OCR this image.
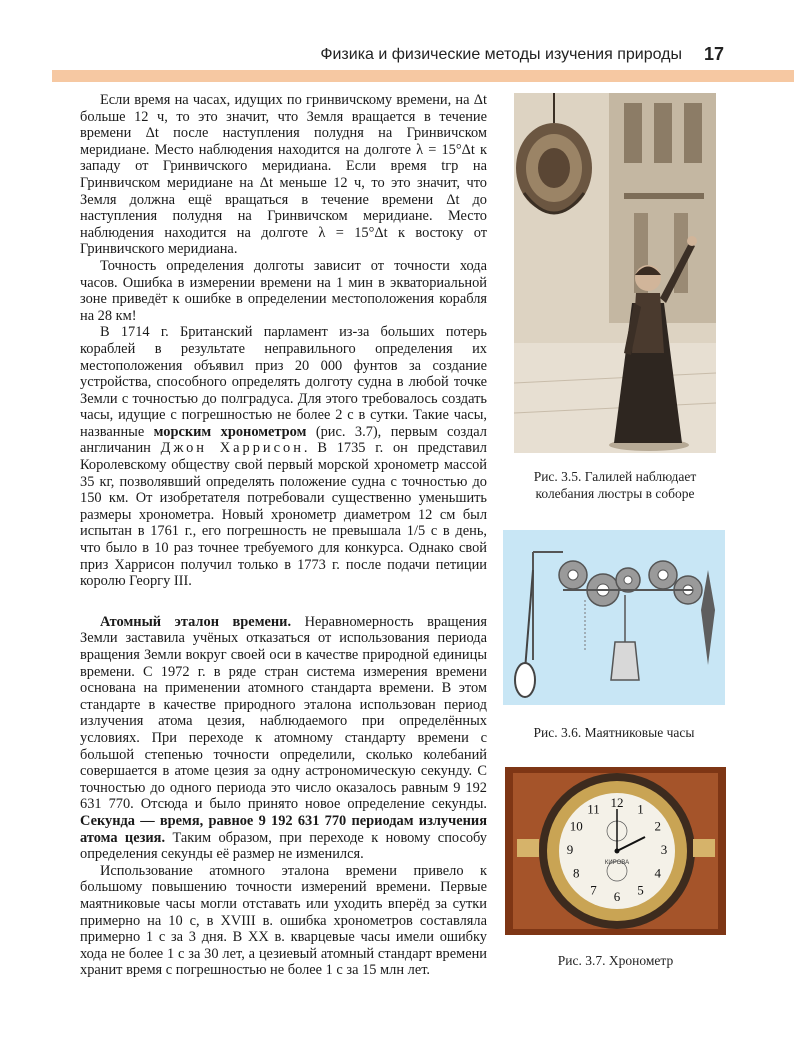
Физика и физические методы изучения природы 17

Если время на часах, идущих по гринвичскому времени, на Δt больше 12 ч, то это значит, что Земля вращается в течение времени Δt после наступления полудня на Гринвичском меридиане. Место наблюдения находится на долготе λ = 15°Δt к западу от Гринвичского меридиана. Если время tгр на Гринвичском меридиане на Δt меньше 12 ч, то это значит, что Земля должна ещё вращаться в течение времени Δt до наступления полудня на Гринвичском меридиане. Место наблюдения находится на долготе λ = 15°Δt к востоку от Гринвичского меридиана.

Точность определения долготы зависит от точности хода часов. Ошибка в измерении времени на 1 мин в экваториальной зоне приведёт к ошибке в определении местоположения корабля на 28 км!

В 1714 г. Британский парламент из-за больших потерь кораблей в результате неправильного определения их местоположения объявил приз 20 000 фунтов за создание устройства, способного определять долготу судна в любой точке Земли с точностью до полградуса. Для этого требовалось создать часы, идущие с погрешностью не более 2 с в сутки. Такие часы, названные морским хронометром (рис. 3.7), первым создал англичанин Джон Харрисон. В 1735 г. он представил Королевскому обществу свой первый морской хронометр массой 35 кг, позволявший определять положение судна с точностью до 150 км. От изобретателя потребовали существенно уменьшить размеры хронометра. Новый хронометр диаметром 12 см был испытан в 1761 г., его погрешность не превышала 1/5 с в день, что было в 10 раз точнее требуемого для конкурса. Однако свой приз Харрисон получил только в 1773 г. после подачи петиции королю Георгу III.

Атомный эталон времени. Неравномерность вращения Земли заставила учёных отказаться от использования периода вращения Земли вокруг своей оси в качестве природной единицы времени. С 1972 г. в ряде стран система измерения времени основана на применении атомного стандарта времени. В этом стандарте в качестве природного эталона использован период излучения атома цезия, наблюдаемого при определённых условиях. При переходе к атомному стандарту времени с большой степенью точности определили, сколько колебаний совершается в атоме цезия за одну астрономическую секунду. С точностью до одного периода это число оказалось равным 9 192 631 770. Отсюда и было принято новое определение секунды. Секунда — время, равное 9 192 631 770 периодам излучения атома цезия. Таким образом, при переходе к новому способу определения секунды её размер не изменился.

Использование атомного эталона времени привело к большому повышению точности измерений времени. Первые маятниковые часы могли отставать или уходить вперёд за сутки примерно на 10 с, в XVIII в. ошибка хронометров составляла примерно 1 с за 3 дня. В XX в. кварцевые часы имели ошибку хода не более 1 с за 30 лет, а цезиевый атомный стандарт времени хранит время с погрешностью не более 1 с за 15 млн лет.

Рис. 3.5. Галилей наблюдает
колебания люстры в соборе
Рис. 3.6. Маятниковые часы
12 1
2
3
4
5
6
7
8
9
10
11
КИРОВА
Рис. 3.7. Хронометр
